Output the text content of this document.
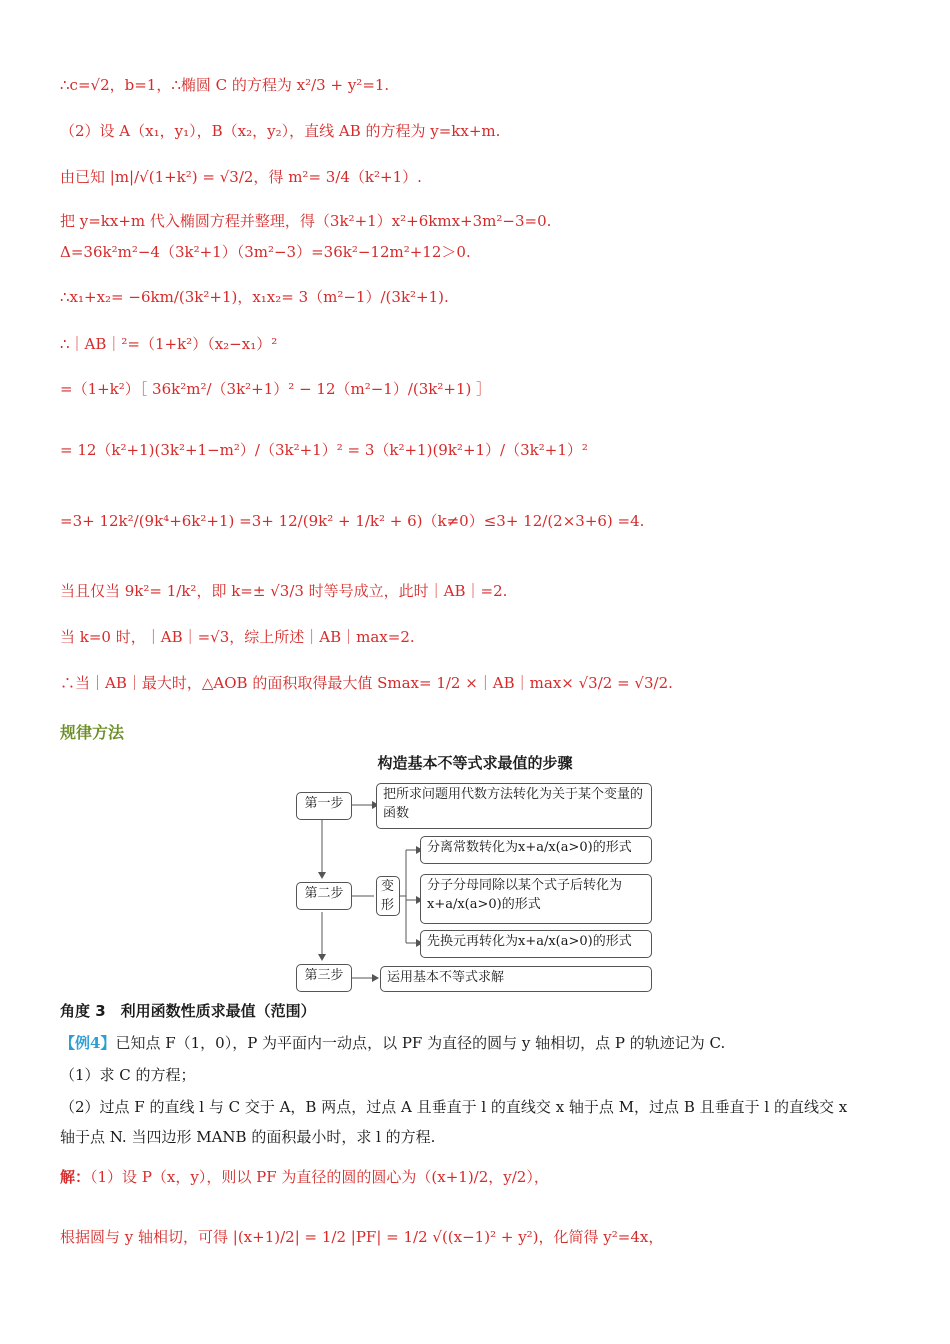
∴c=√2，b=1，∴椭圆 C 的方程为 x²/3 + y²=1.
（2）设 A（x₁，y₁），B（x₂，y₂），直线 AB 的方程为 y=kx+m.
由已知 |m|/√(1+k²) = √3/2，得 m²= 3/4（k²+1）.
把 y=kx+m 代入椭圆方程并整理，得（3k²+1）x²+6kmx+3m²−3=0.
Δ=36k²m²−4（3k²+1）（3m²−3）=36k²−12m²+12＞0.
∴x₁+x₂= −6km/(3k²+1)，x₁x₂= 3（m²−1）/(3k²+1).
∴｜AB｜²=（1+k²）（x₂−x₁）²
=（1+k²）［ 36k²m²/（3k²+1）² − 12（m²−1）/(3k²+1) ］
= 12（k²+1)(3k²+1−m²）/（3k²+1）² = 3（k²+1)(9k²+1）/（3k²+1）²
=3+ 12k²/(9k⁴+6k²+1) =3+ 12/(9k² + 1/k² + 6)（k≠0）≤3+ 12/(2×3+6) =4.
当且仅当 9k²= 1/k²，即 k=± √3/3 时等号成立，此时｜AB｜=2.
当 k=0 时，｜AB｜=√3，综上所述｜AB｜max=2.
∴当｜AB｜最大时，△AOB 的面积取得最大值 Smax= 1/2 ×｜AB｜max× √3/2 = √3/2.
规律方法
构造基本不等式求最值的步骤
第一步
第二步
第三步
把所求问题用代数方法转化为关于某个变量的函数
变形
分离常数转化为x+a/x(a>0)的形式
分子分母同除以某个式子后转化为x+a/x(a>0)的形式
先换元再转化为x+a/x(a>0)的形式
运用基本不等式求解
角度 3　利用函数性质求最值（范围）
【例4】已知点 F（1，0），P 为平面内一动点，以 PF 为直径的圆与 y 轴相切，点 P 的轨迹记为 C.
（1）求 C 的方程；
（2）过点 F 的直线 l 与 C 交于 A，B 两点，过点 A 且垂直于 l 的直线交 x 轴于点 M，过点 B 且垂直于 l 的直线交 x
轴于点 N. 当四边形 MANB 的面积最小时，求 l 的方程.
解：（1）设 P（x，y），则以 PF 为直径的圆的圆心为（(x+1)/2，y/2），
根据圆与 y 轴相切，可得 |(x+1)/2| = 1/2 |PF| = 1/2 √((x−1)² + y²)，化简得 y²=4x，
